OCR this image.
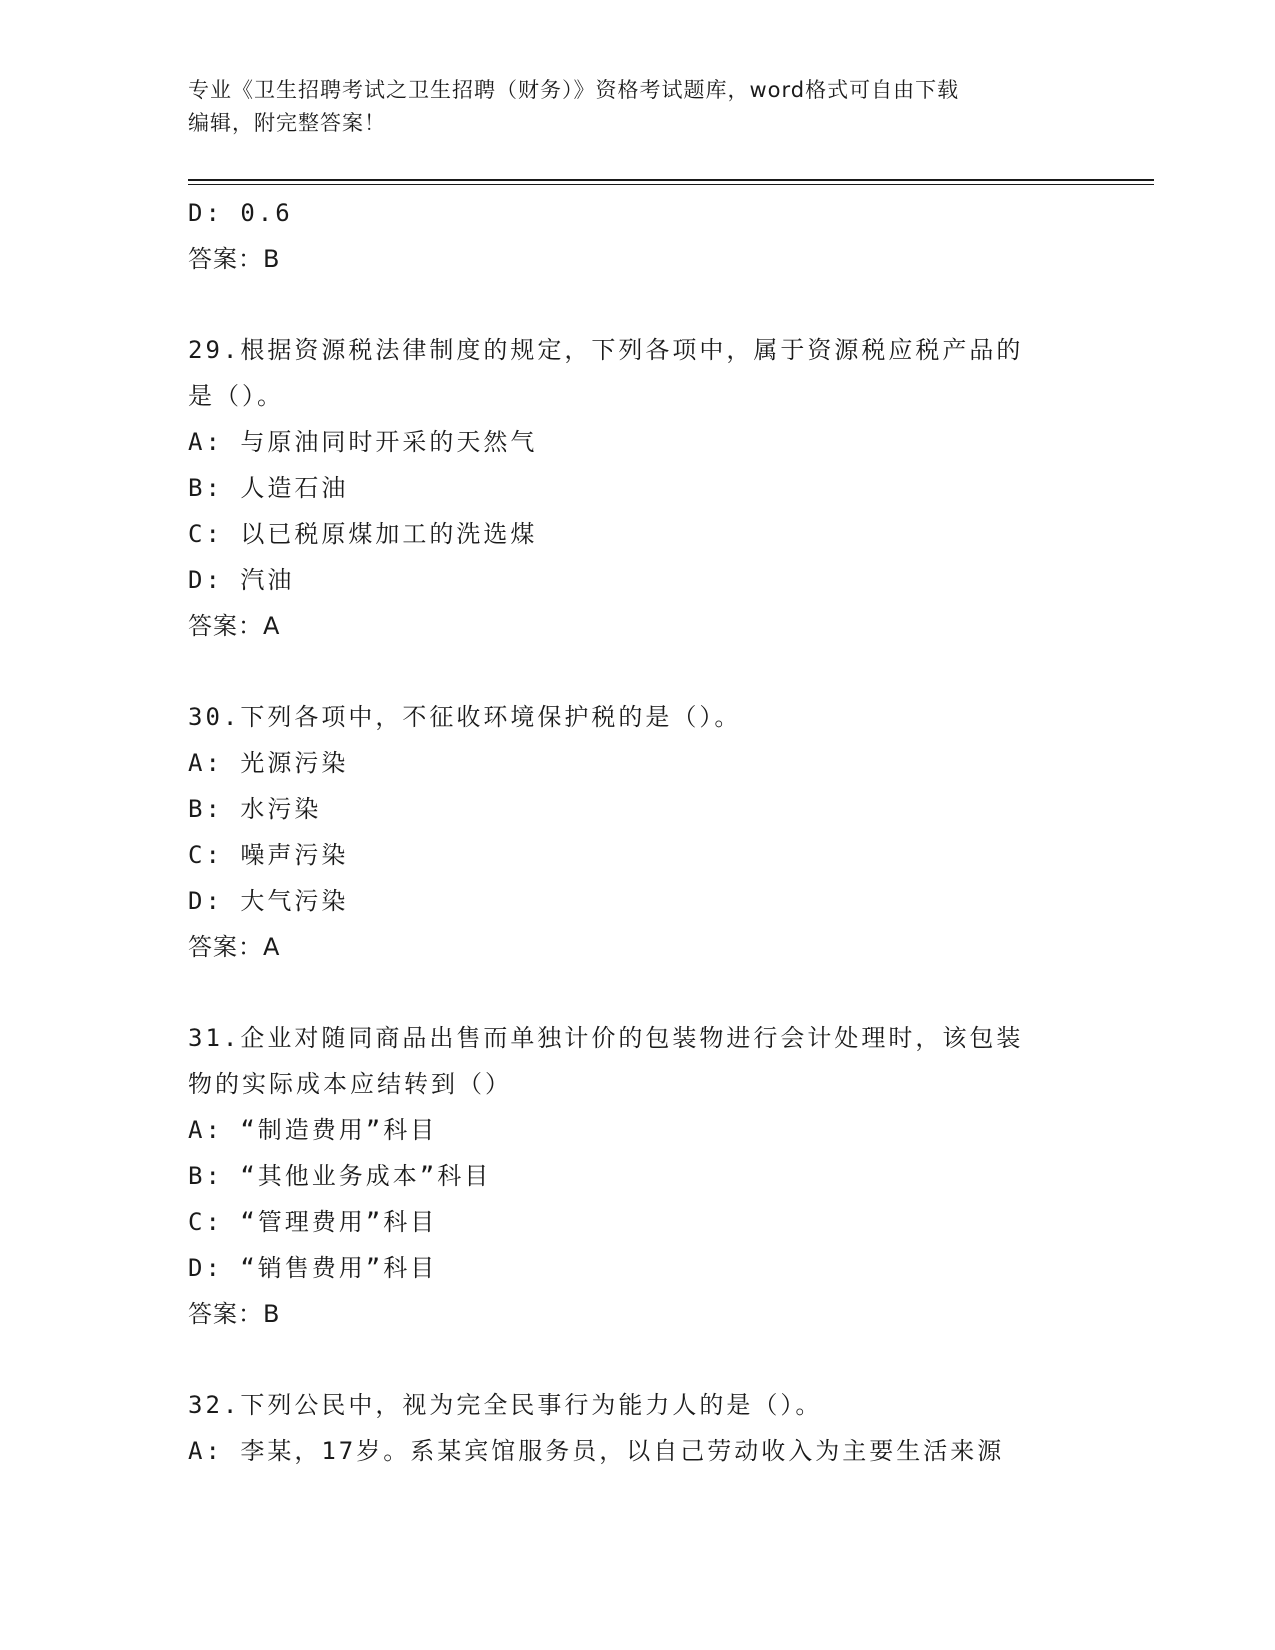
专业《卫生招聘考试之卫生招聘（财务）》资格考试题库，word格式可自由下载
编辑，附完整答案！
D: 0.6
答案：B
29.根据资源税法律制度的规定，下列各项中，属于资源税应税产品的
是（）。
A: 与原油同时开采的天然气
B: 人造石油
C: 以已税原煤加工的洗选煤
D: 汽油
答案：A
30.下列各项中，不征收环境保护税的是（）。
A: 光源污染
B: 水污染
C: 噪声污染
D: 大气污染
答案：A
31.企业对随同商品出售而单独计价的包装物进行会计处理时，该包装
物的实际成本应结转到（）
A: “制造费用”科目
B: “其他业务成本”科目
C: “管理费用”科目
D: “销售费用”科目
答案：B
32.下列公民中，视为完全民事行为能力人的是（）。
A: 李某，17岁。系某宾馆服务员，以自己劳动收入为主要生活来源
